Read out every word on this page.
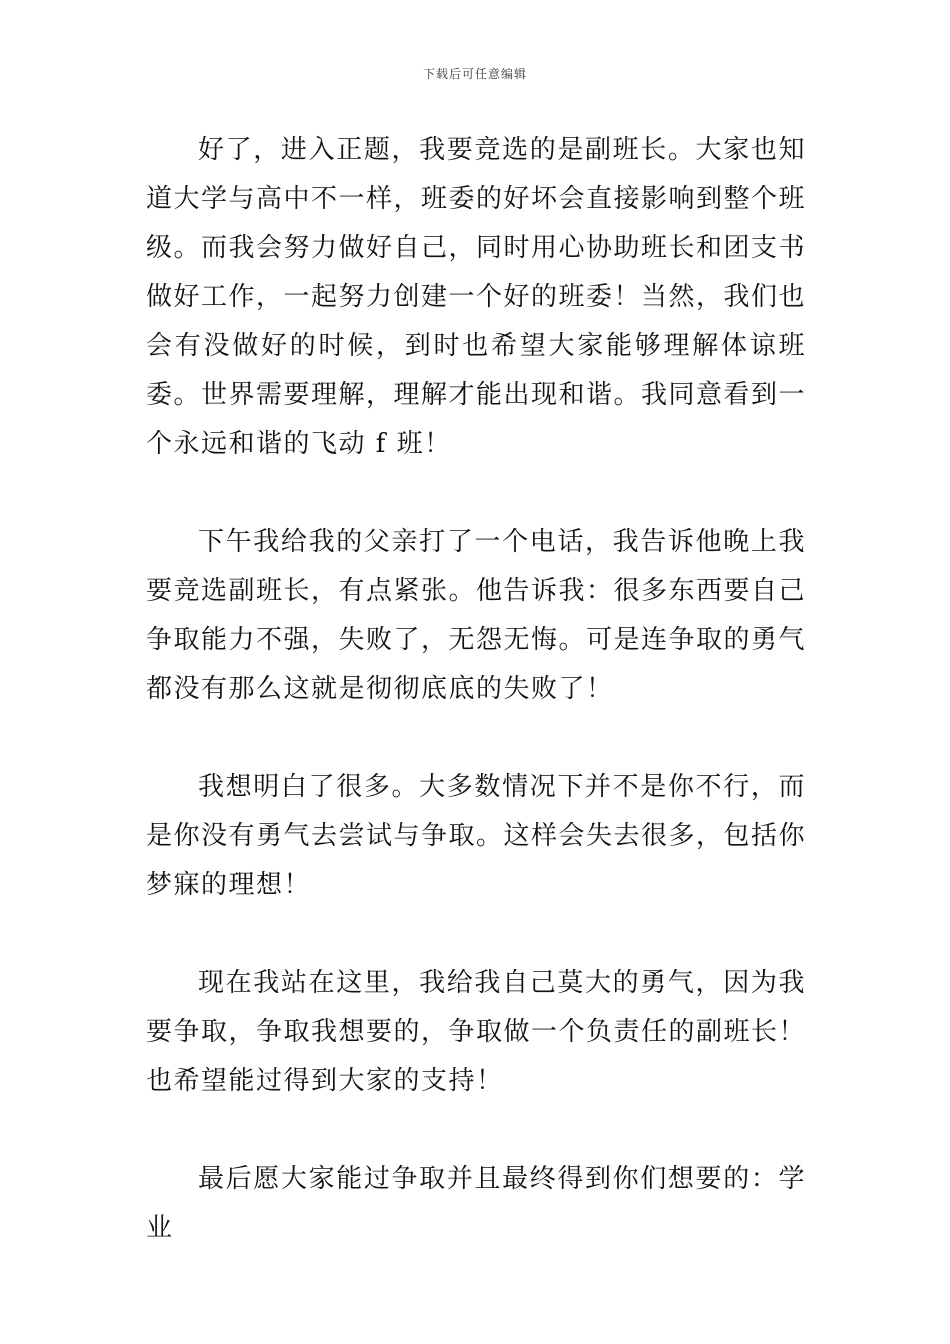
下载后可任意编辑

好了，进入正题，我要竞选的是副班长。大家也知道大学与高中不一样，班委的好坏会直接影响到整个班级。而我会努力做好自己，同时用心协助班长和团支书做好工作，一起努力创建一个好的班委！当然，我们也会有没做好的时候，到时也希望大家能够理解体谅班委。世界需要理解，理解才能出现和谐。我同意看到一个永远和谐的飞动 f 班！

下午我给我的父亲打了一个电话，我告诉他晚上我要竞选副班长，有点紧张。他告诉我：很多东西要自己争取能力不强，失败了，无怨无悔。可是连争取的勇气都没有那么这就是彻彻底底的失败了！

我想明白了很多。大多数情况下并不是你不行，而是你没有勇气去尝试与争取。这样会失去很多，包括你梦寐的理想！

现在我站在这里，我给我自己莫大的勇气，因为我要争取，争取我想要的，争取做一个负责任的副班长！也希望能过得到大家的支持！

最后愿大家能过争取并且最终得到你们想要的：学业
